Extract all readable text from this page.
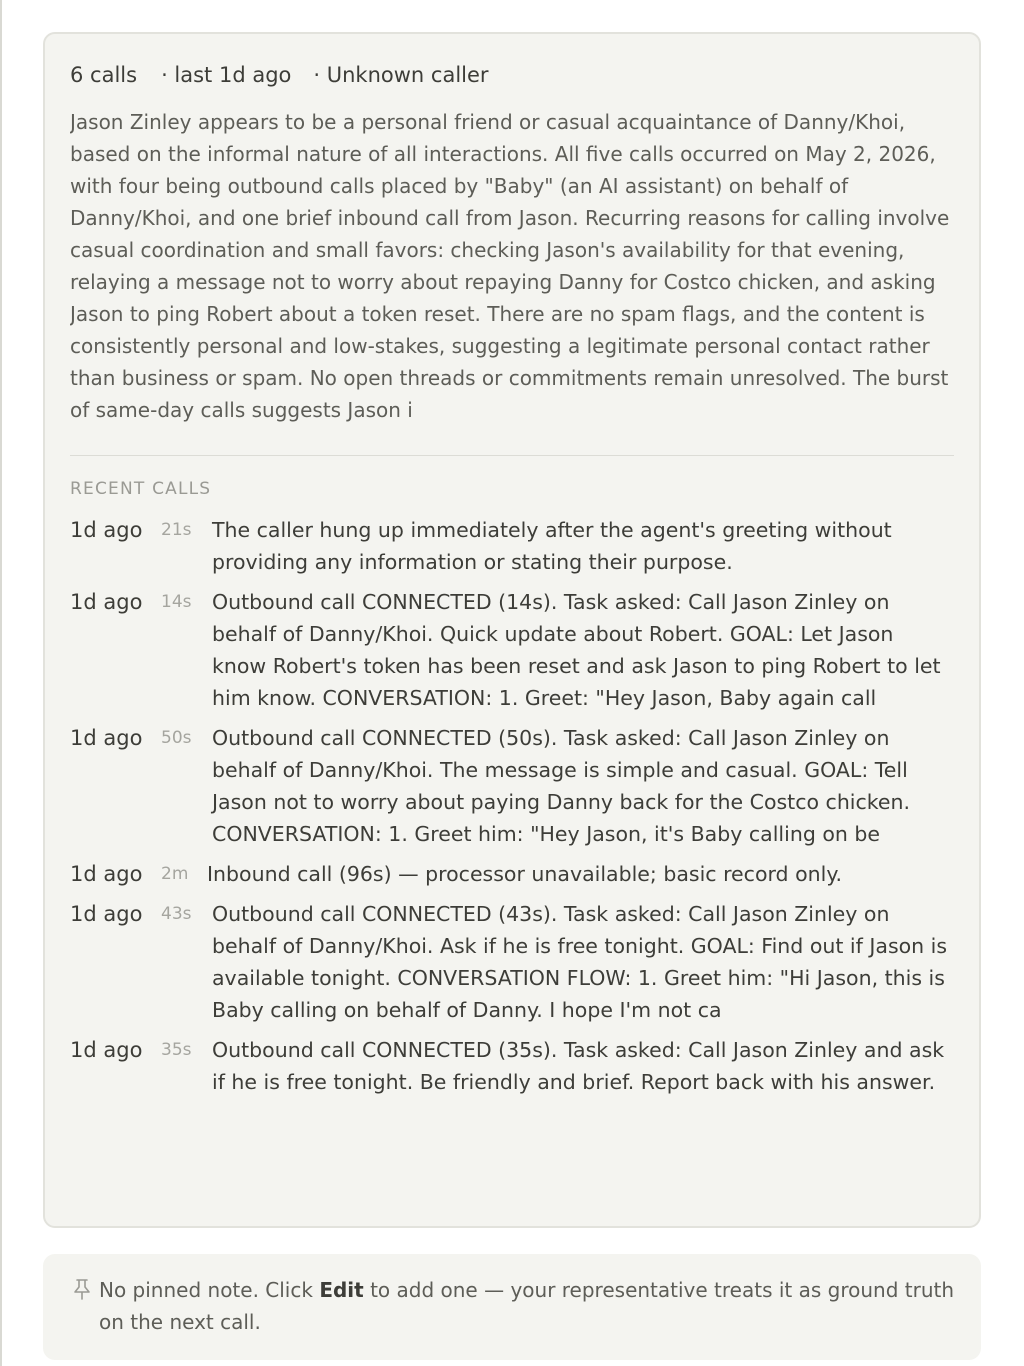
6 calls · last 1d ago · Unknown caller

Jason Zinley appears to be a personal friend or casual acquaintance of Danny/Khoi, based on the informal nature of all interactions. All five calls occurred on May 2, 2026, with four being outbound calls placed by "Baby" (an AI assistant) on behalf of Danny/Khoi, and one brief inbound call from Jason. Recurring reasons for calling involve casual coordination and small favors: checking Jason's availability for that evening, relaying a message not to worry about repaying Danny for Costco chicken, and asking Jason to ping Robert about a token reset. There are no spam flags, and the content is consistently personal and low-stakes, suggesting a legitimate personal contact rather than business or spam. No open threads or commitments remain unresolved. The burst of same-day calls suggests Jason i

RECENT CALLS
1d ago	21s	The caller hung up immediately after the agent's greeting without providing any information or stating their purpose.
1d ago	14s	Outbound call CONNECTED (14s). Task asked: Call Jason Zinley on behalf of Danny/Khoi. Quick update about Robert. GOAL: Let Jason know Robert's token has been reset and ask Jason to ping Robert to let him know. CONVERSATION: 1. Greet: "Hey Jason, Baby again call
1d ago	50s	Outbound call CONNECTED (50s). Task asked: Call Jason Zinley on behalf of Danny/Khoi. The message is simple and casual. GOAL: Tell Jason not to worry about paying Danny back for the Costco chicken. CONVERSATION: 1. Greet him: "Hey Jason, it's Baby calling on be
1d ago	2m Inbound call (96s) — processor unavailable; basic record only.
1d ago	43s	Outbound call CONNECTED (43s). Task asked: Call Jason Zinley on behalf of Danny/Khoi. Ask if he is free tonight. GOAL: Find out if Jason is available tonight. CONVERSATION FLOW: 1. Greet him: "Hi Jason, this is Baby calling on behalf of Danny. I hope I'm not ca
1d ago	35s	Outbound call CONNECTED (35s). Task asked: Call Jason Zinley and ask if he is free tonight. Be friendly and brief. Report back with his answer.
No pinned note. Click Edit to add one — your representative treats it as ground truth on the next call.
